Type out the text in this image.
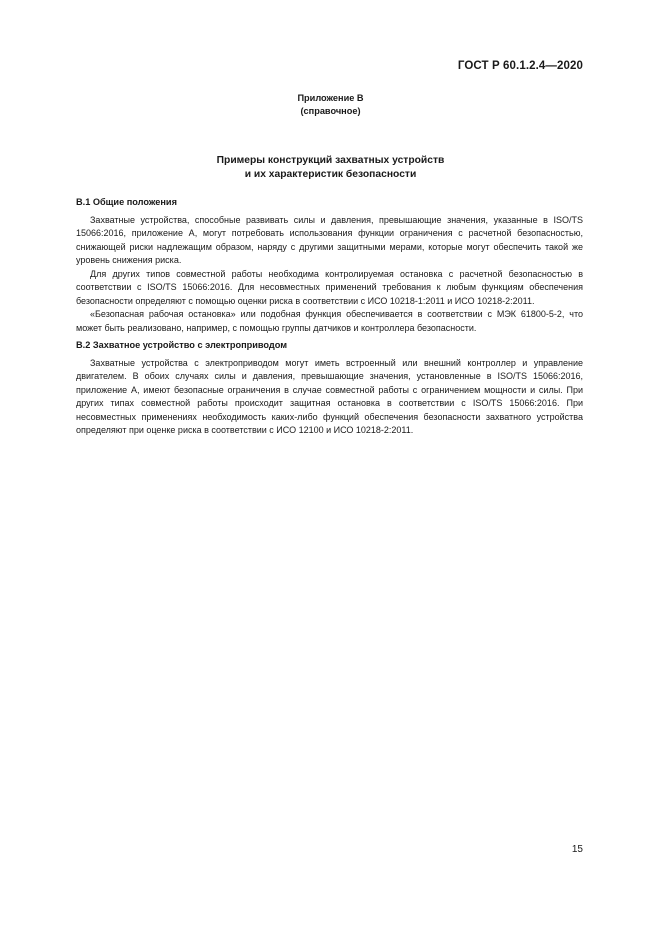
ГОСТ Р 60.1.2.4—2020
Приложение В
(справочное)
Примеры конструкций захватных устройств
и их характеристик безопасности
В.1 Общие положения

Захватные устройства, способные развивать силы и давления, превышающие значения, указанные в ISO/TS 15066:2016, приложение А, могут потребовать использования функции ограничения с расчетной безопасностью, снижающей риски надлежащим образом, наряду с другими защитными мерами, которые могут обеспечить такой же уровень снижения риска.

Для других типов совместной работы необходима контролируемая остановка с расчетной безопасностью в соответствии с ISO/TS 15066:2016. Для несовместных применений требования к любым функциям обеспечения безопасности определяют с помощью оценки риска в соответствии с ИСО 10218-1:2011 и ИСО 10218-2:2011.

«Безопасная рабочая остановка» или подобная функция обеспечивается в соответствии с МЭК 61800-5-2, что может быть реализовано, например, с помощью группы датчиков и контроллера безопасности.

В.2 Захватное устройство с электроприводом

Захватные устройства с электроприводом могут иметь встроенный или внешний контроллер и управление двигателем. В обоих случаях силы и давления, превышающие значения, установленные в ISO/TS 15066:2016, приложение А, имеют безопасные ограничения в случае совместной работы с ограничением мощности и силы. При других типах совместной работы происходит защитная остановка в соответствии с ISO/TS 15066:2016. При несовместных применениях необходимость каких-либо функций обеспечения безопасности захватного устройства определяют при оценке риска в соответствии с ИСО 12100 и ИСО 10218-2:2011.

15
